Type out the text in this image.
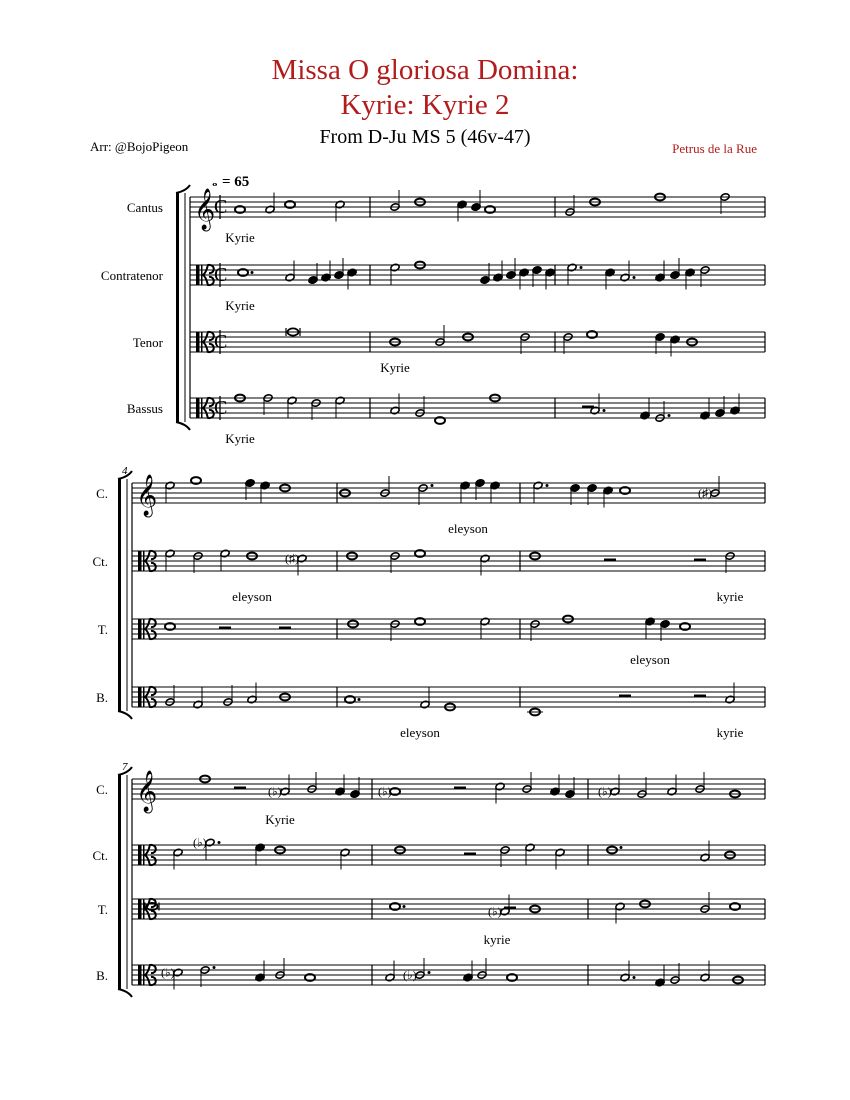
Missa O gloriosa Domina:
Kyrie: Kyrie 2
From D-Ju MS 5 (46v-47)
Arr: @BojoPigeon	Petrus de la Rue
Cantus 𝄞
C
Contratenor	C
Tenor	C
Bassus	C
C. 𝄞
Ct.
T.
B.
4
C. 𝄞
Ct.
T.
B.
7
𝅝 = 65
(♯)
(♯)
(♭)	(♭)	(♭)
(♭)
(♭)
(♭)	(♭)
Kyrie
Kyrie
Kyrie
Kyrie
eleyson
eleyson	kyrie
eleyson
eleyson	kyrie
Kyrie
kyrie
